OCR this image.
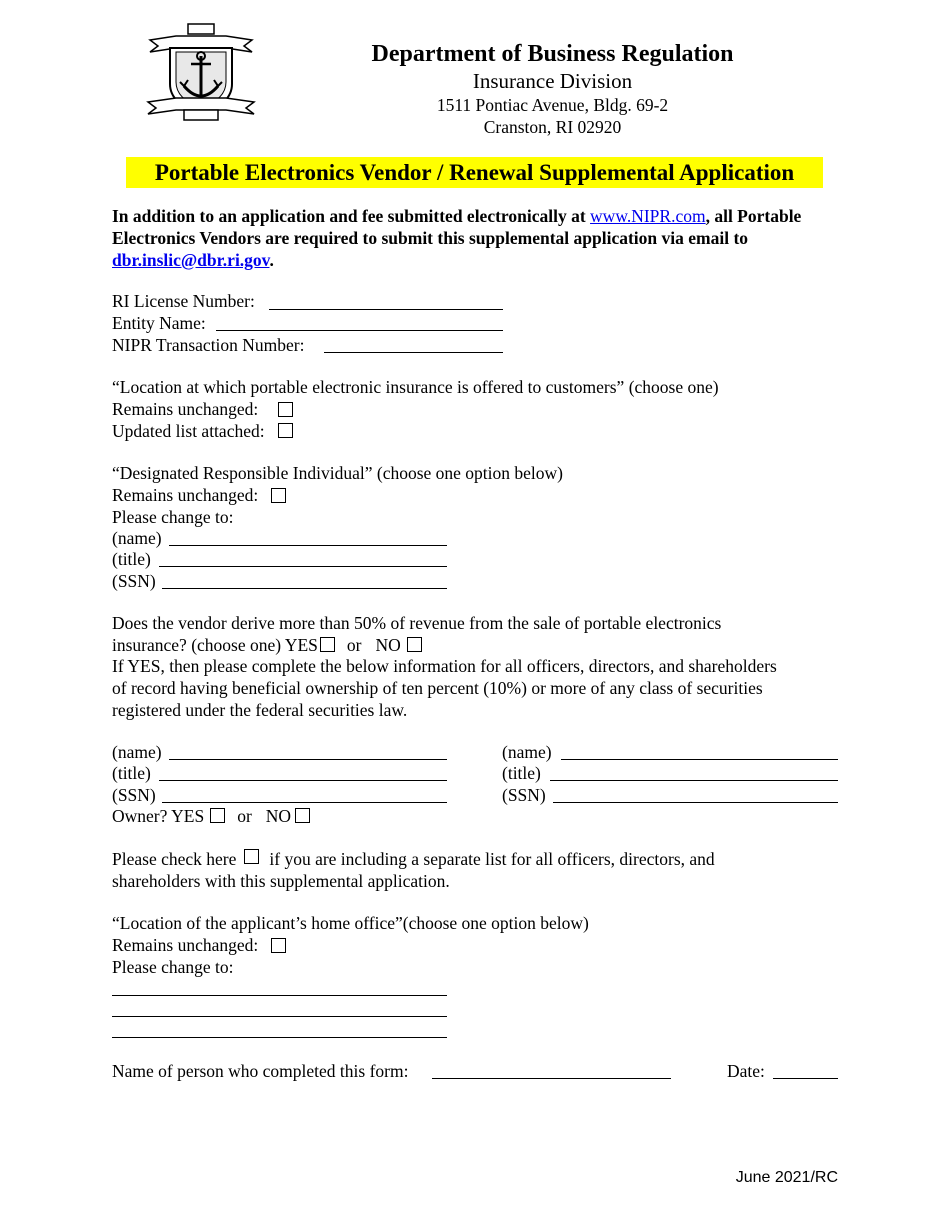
Department of Business Regulation
Insurance Division
1511 Pontiac Avenue, Bldg. 69-2
Cranston, RI 02920
Portable Electronics Vendor / Renewal Supplemental Application
In addition to an application and fee submitted electronically at www.NIPR.com, all Portable Electronics Vendors are required to submit this supplemental application via email to dbr.inslic@dbr.ri.gov.
RI License Number:
Entity Name:
NIPR Transaction Number:
“Location at which portable electronic insurance is offered to customers” (choose one)
Remains unchanged:
Updated list attached:
“Designated Responsible Individual” (choose one option below)
Remains unchanged:
Please change to:
(name)
(title)
(SSN)
Does the vendor derive more than 50% of revenue from the sale of portable electronics
insurance? (choose one) YES or NO
If YES, then please complete the below information for all officers, directors, and shareholders
of record having beneficial ownership of ten percent (10%) or more of any class of securities
registered under the federal securities law.
(name)
(title)
(SSN)
Owner? YES or NO
(name)
(title)
(SSN)
Please check here if you are including a separate list for all officers, directors, and
shareholders with this supplemental application.
“Location of the applicant’s home office”(choose one option below)
Remains unchanged:
Please change to:
Name of person who completed this form:	Date:
June 2021/RC
